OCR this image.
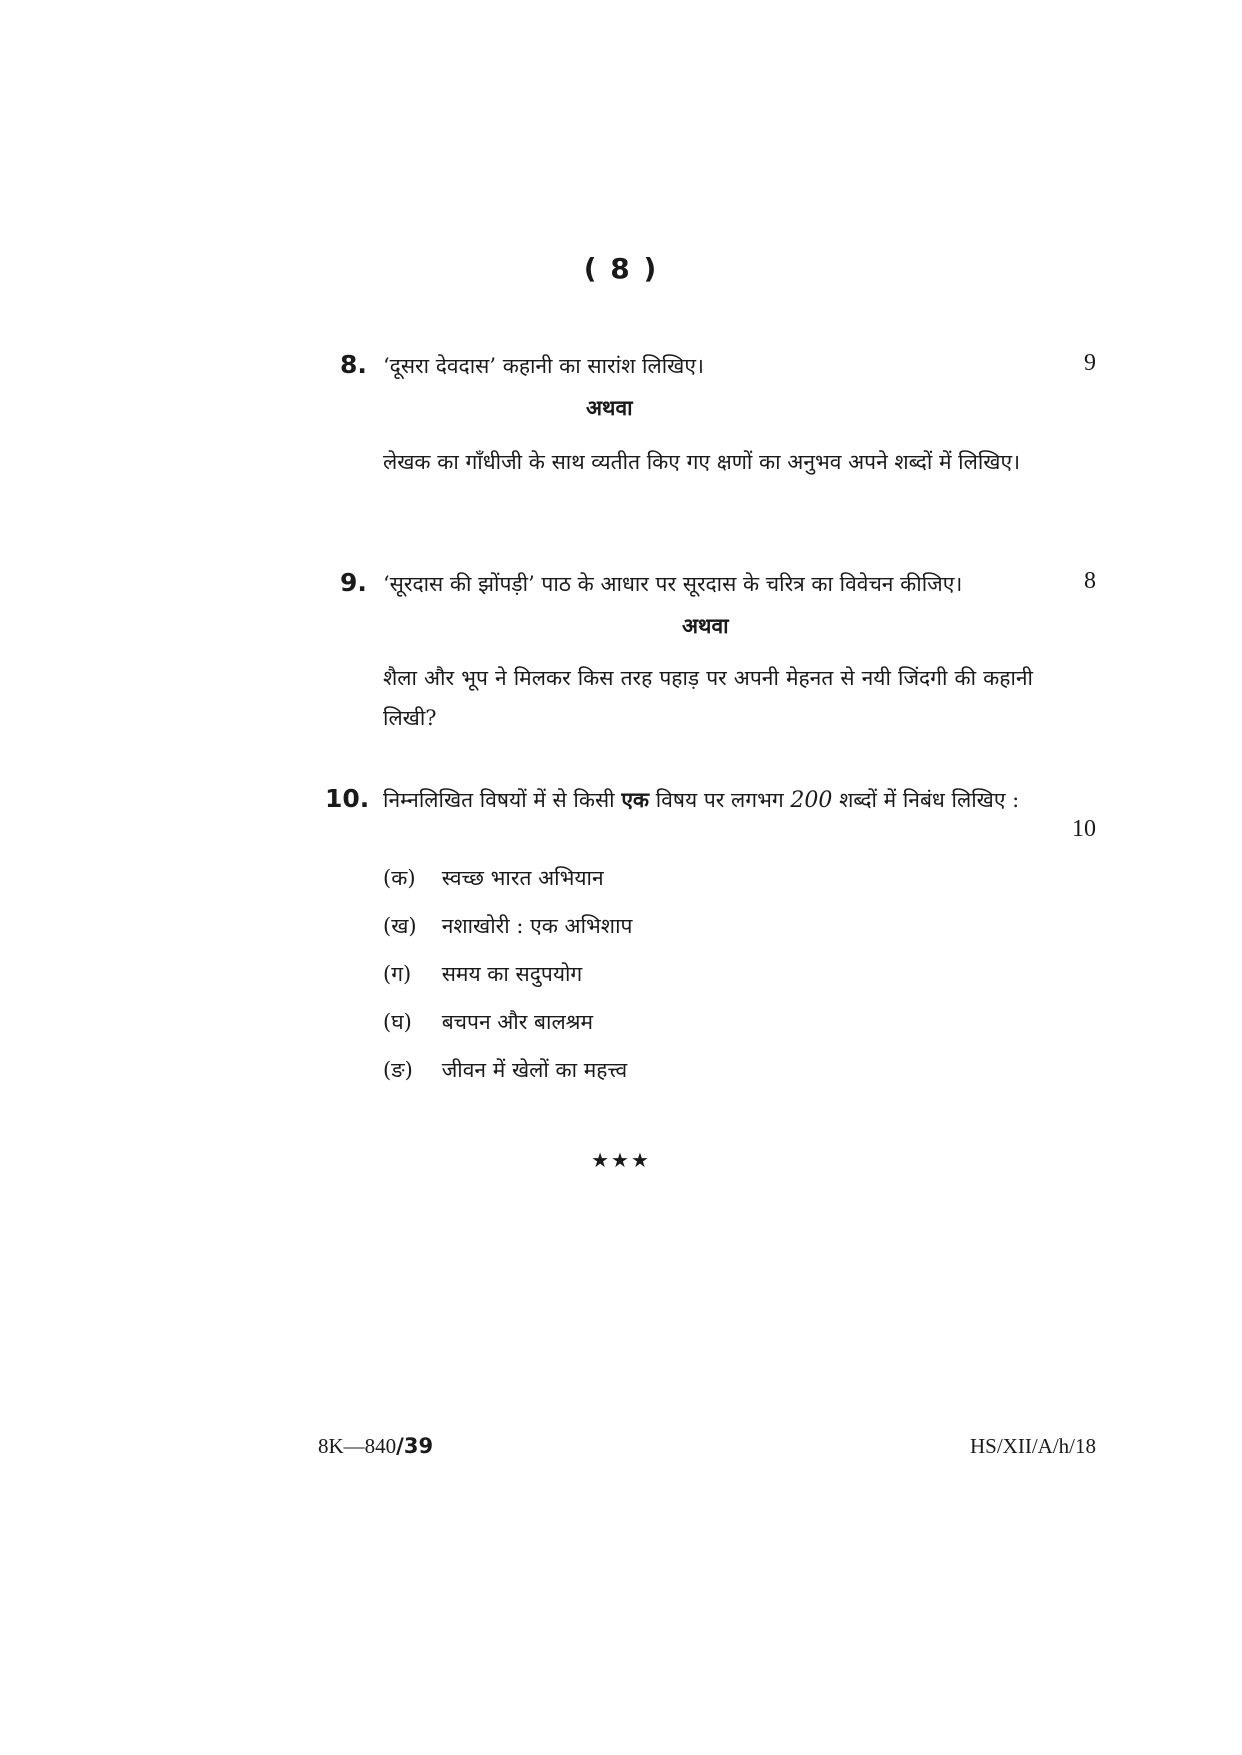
( 8 )
8. ‘दूसरा देवदास’ कहानी का सारांश लिखिए।	9
अथवा
लेखक का गाँधीजी के साथ व्यतीत किए गए क्षणों का अनुभव अपने शब्दों में लिखिए।
9. ‘सूरदास की झोंपड़ी’ पाठ के आधार पर सूरदास के चरित्र का विवेचन कीजिए।	8
अथवा
शैला और भूप ने मिलकर किस तरह पहाड़ पर अपनी मेहनत से नयी जिंदगी की कहानी लिखी?
10. निम्नलिखित विषयों में से किसी एक विषय पर लगभग 200 शब्दों में निबंध लिखिए :
10
(क) स्वच्छ भारत अभियान
(ख) नशाखोरी : एक अभिशाप
(ग) समय का सदुपयोग
(घ) बचपन और बालश्रम
(ङ) जीवन में खेलों का महत्त्व
★★★
8K—840/39	HS/XII/A/h/18
